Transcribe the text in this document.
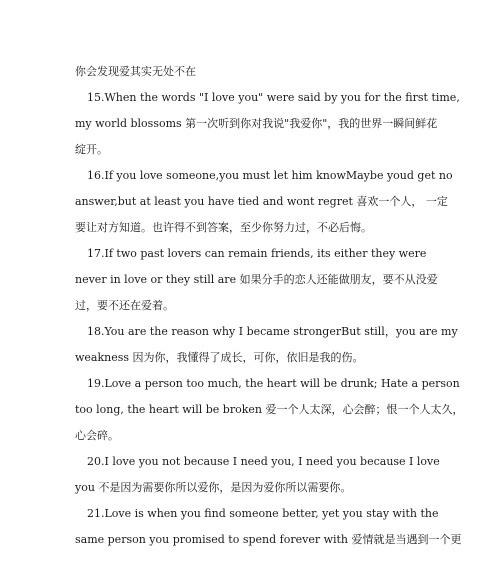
你会发现爱其实无处不在

15.When the words "I love you" were said by you for the first time,

my world blossoms 第一次听到你对我说"我爱你"，我的世界一瞬间鲜花

绽开。

16.If you love someone,you must let him knowMaybe youd get no

answer,but at least you have tied and wont regret 喜欢一个人， 一定

要让对方知道。也许得不到答案，至少你努力过，不必后悔。

17.If two past lovers can remain friends, its either they were

never in love or they still are 如果分手的恋人还能做朋友，要不从没爱

过，要不还在爱着。

18.You are the reason why I became strongerBut still，you are my

weakness 因为你，我懂得了成长，可你，依旧是我的伤。

19.Love a person too much, the heart will be drunk; Hate a person

too long, the heart will be broken 爱一个人太深，心会醉；恨一个人太久，

心会碎。

20.I love you not because I need you, I need you because I love

you 不是因为需要你所以爱你，是因为爱你所以需要你。

21.Love is when you find someone better, yet you stay with the

same person you promised to spend forever with 爱情就是当遇到一个更
